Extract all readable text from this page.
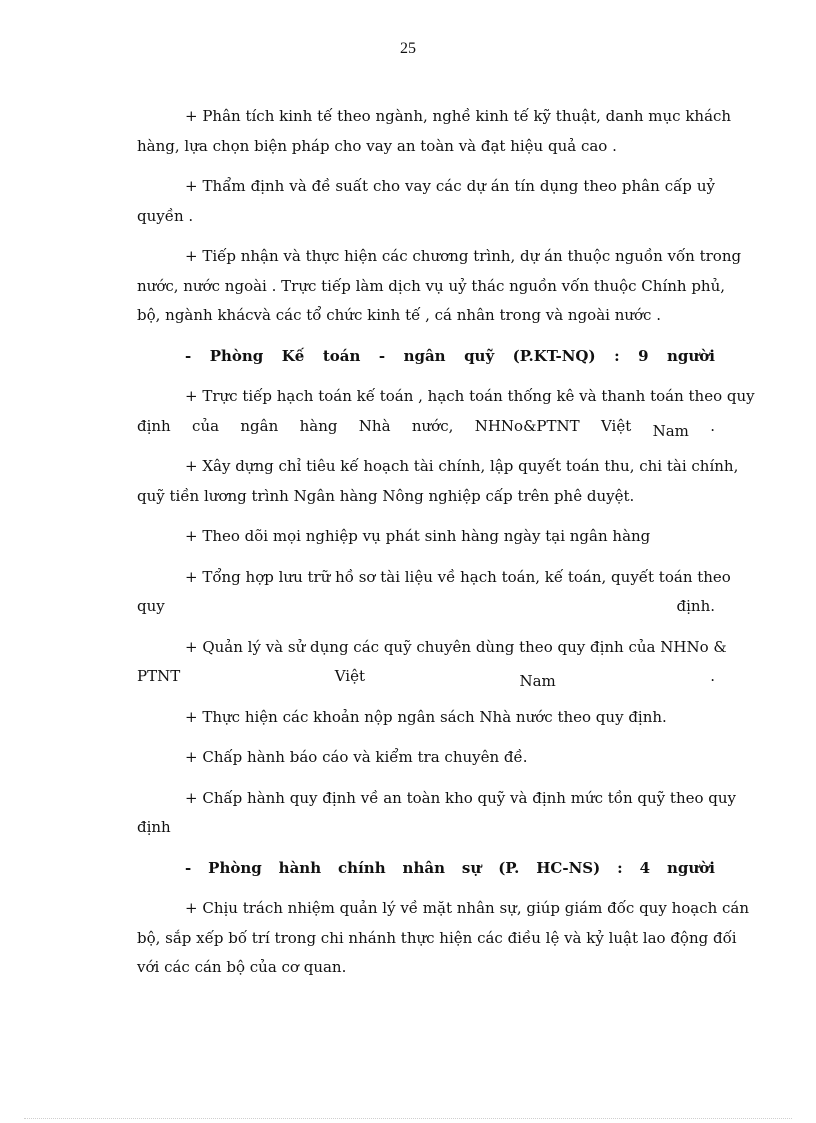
25
+ Phân tích kinh tế theo ngành, nghề kinh tế kỹ thuật, danh mục khách
hàng, lựa chọn biện pháp cho vay an toàn và đạt hiệu quả cao .
+ Thẩm định và đề suất cho vay các dự án tín dụng theo phân cấp uỷ
quyền .
+ Tiếp nhận và thực hiện các chương trình, dự án thuộc nguồn vốn trong
nước, nước ngoài . Trực tiếp làm dịch vụ uỷ thác nguồn vốn thuộc Chính phủ,
bộ, ngành khácvà các tổ chức kinh tế , cá nhân trong và ngoài nước .
- Phòng Kế toán - ngân quỹ (P.KT-NQ) : 9 người
+ Trực tiếp hạch toán kế toán , hạch toán thống kê và thanh toán theo quy
định của ngân hàng Nhà nước, NHNo&PTNT Việt Nam .
+ Xây dựng chỉ tiêu kế hoạch tài chính, lập quyết toán thu, chi tài chính,
quỹ tiền lương trình Ngân hàng Nông nghiệp cấp trên phê duyệt.
+ Theo dõi mọi nghiệp vụ phát sinh hàng ngày tại ngân hàng
+ Tổng hợp lưu trữ hồ sơ tài liệu về hạch toán, kế toán, quyết toán theo
quy định.
+ Quản lý và sử dụng các quỹ chuyên dùng theo quy định của NHNo &
PTNT Việt Nam .
+ Thực hiện các khoản nộp ngân sách Nhà nước theo quy định.
+ Chấp hành báo cáo và kiểm tra chuyên đề.
+ Chấp hành quy định về an toàn kho quỹ và định mức tồn quỹ theo quy
định
- Phòng hành chính nhân sự (P. HC-NS) : 4 người
+ Chịu trách nhiệm quản lý về mặt nhân sự, giúp giám đốc quy hoạch cán
bộ, sắp xếp bố trí trong chi nhánh thực hiện các điều lệ và kỷ luật lao động đối
với các cán bộ của cơ quan.
